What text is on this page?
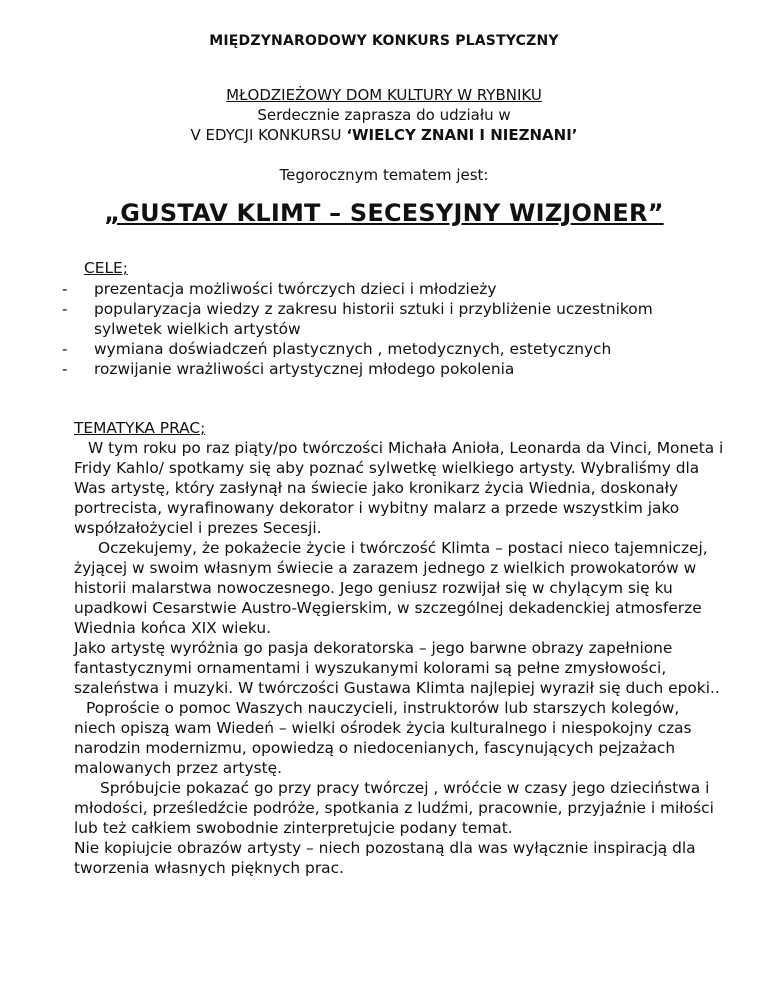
MIĘDZYNARODOWY KONKURS PLASTYCZNY
MŁODZIEŻOWY DOM KULTURY W RYBNIKU
Serdecznie zaprasza do udziału w
V EDYCJI KONKURSU ‘WIELCY ZNANI I NIEZNANI’
Tegorocznym tematem jest:
„GUSTAV KLIMT – SECESYJNY WIZJONER”
CELE;
- prezentacja możliwości twórczych dzieci i młodzieży
- popularyzacja wiedzy z zakresu historii sztuki i przybliżenie uczestnikom sylwetek wielkich artystów
- wymiana doświadczeń plastycznych , metodycznych, estetycznych
- rozwijanie wrażliwości artystycznej młodego pokolenia
TEMATYKA PRAC;

W tym roku po raz piąty/po twórczości Michała Anioła, Leonarda da Vinci, Moneta i Fridy Kahlo/ spotkamy się aby poznać sylwetkę wielkiego artysty. Wybraliśmy dla Was artystę, który zasłynął na świecie jako kronikarz życia Wiednia, doskonały portrecista, wyrafinowany dekorator i wybitny malarz a przede wszystkim jako współzałożyciel i prezes Secesji.

Oczekujemy, że pokażecie życie i twórczość Klimta – postaci nieco tajemniczej, żyjącej w swoim własnym świecie a zarazem jednego z wielkich prowokatorów w historii malarstwa nowoczesnego. Jego geniusz rozwijał się w chylącym się ku upadkowi Cesarstwie Austro-Węgierskim, w szczególnej dekadenckiej atmosferze Wiednia końca XIX wieku.

Jako artystę wyróżnia go pasja dekoratorska – jego barwne obrazy zapełnione fantastycznymi ornamentami i wyszukanymi kolorami są pełne zmysłowości, szaleństwa i muzyki. W twórczości Gustawa Klimta najlepiej wyraził się duch epoki..

Poproście o pomoc Waszych nauczycieli, instruktorów lub starszych kolegów, niech opiszą wam Wiedeń – wielki ośrodek życia kulturalnego i niespokojny czas narodzin modernizmu, opowiedzą o niedocenianych, fascynujących pejzażach malowanych przez artystę.

Spróbujcie pokazać go przy pracy twórczej , wróćcie w czasy jego dzieciństwa i młodości, prześledźcie podróże, spotkania z ludźmi, pracownie, przyjaźnie i miłości lub też całkiem swobodnie zinterpretujcie podany temat.

Nie kopiujcie obrazów artysty – niech pozostaną dla was wyłącznie inspiracją dla tworzenia własnych pięknych prac.
